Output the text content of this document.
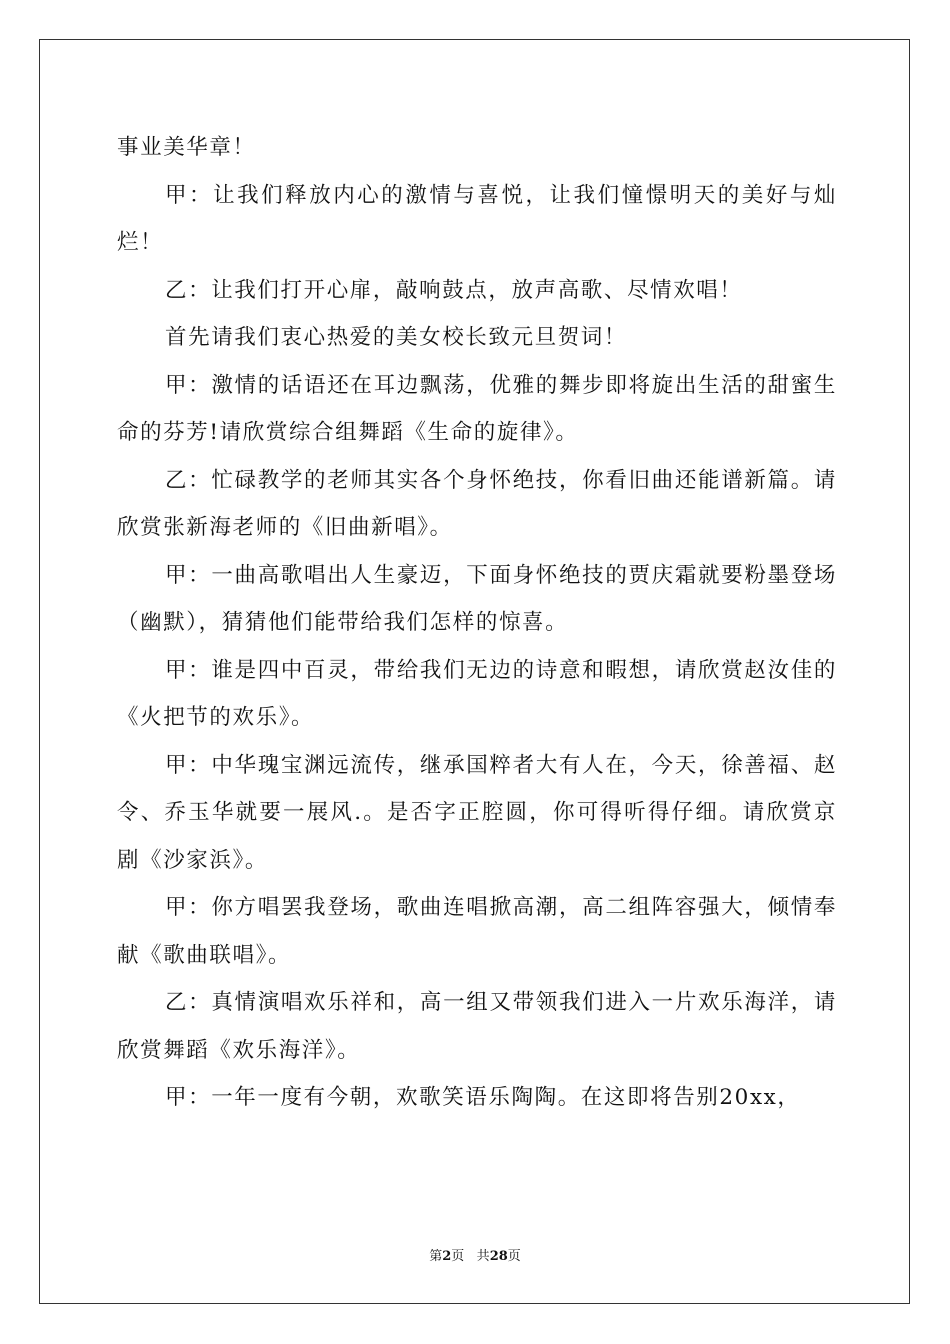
事业美华章！

甲：让我们释放内心的激情与喜悦，让我们憧憬明天的美好与灿烂！

乙：让我们打开心扉，敲响鼓点，放声高歌、尽情欢唱！

首先请我们衷心热爱的美女校长致元旦贺词！

甲：激情的话语还在耳边飘荡，优雅的舞步即将旋出生活的甜蜜生命的芬芳!请欣赏综合组舞蹈《生命的旋律》。

乙：忙碌教学的老师其实各个身怀绝技，你看旧曲还能谱新篇。请欣赏张新海老师的《旧曲新唱》。

甲：一曲高歌唱出人生豪迈，下面身怀绝技的贾庆霜就要粉墨登场（幽默），猜猜他们能带给我们怎样的惊喜。

甲：谁是四中百灵，带给我们无边的诗意和暇想，请欣赏赵汝佳的《火把节的欢乐》。

甲：中华瑰宝渊远流传，继承国粹者大有人在，今天，徐善福、赵令、乔玉华就要一展风.。是否字正腔圆，你可得听得仔细。请欣赏京剧《沙家浜》。

甲：你方唱罢我登场，歌曲连唱掀高潮，高二组阵容强大，倾情奉献《歌曲联唱》。

乙：真情演唱欢乐祥和，高一组又带领我们进入一片欢乐海洋，请欣赏舞蹈《欢乐海洋》。

甲：一年一度有今朝，欢歌笑语乐陶陶。在这即将告别20xx，

第2页 共28页
